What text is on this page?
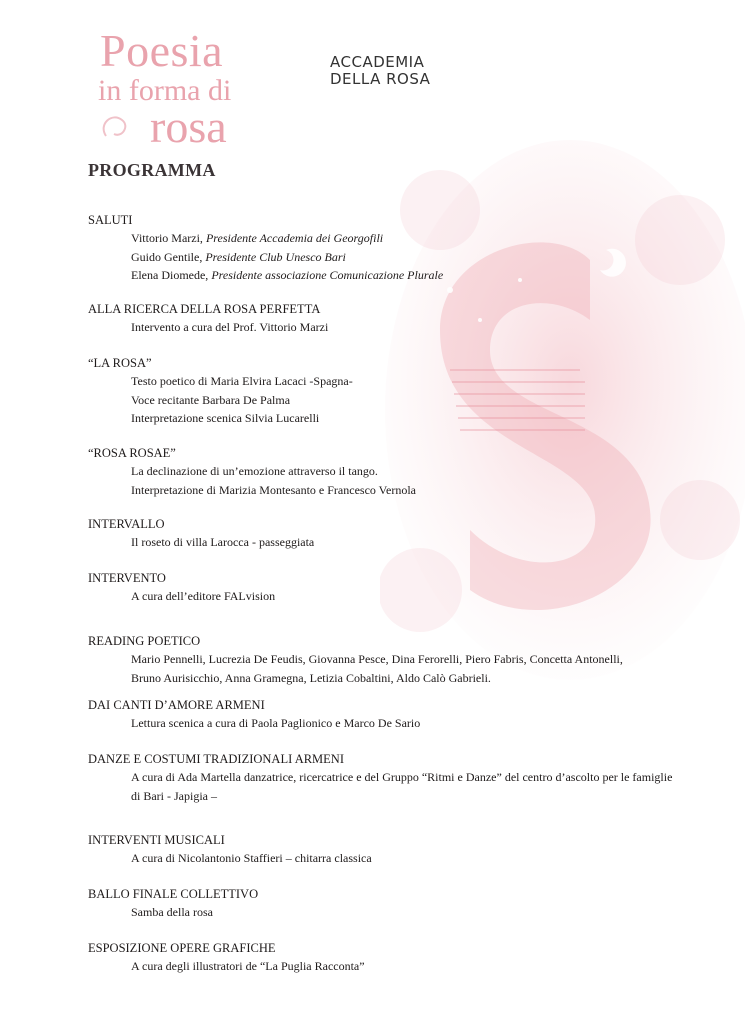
Poesia
in forma di
rosa
ACCADEMIA
DELLA ROSA
PROGRAMMA
SALUTI
Vittorio Marzi, Presidente Accademia dei Georgofili
Guido Gentile, Presidente Club Unesco Bari
Elena Diomede, Presidente associazione Comunicazione Plurale
ALLA RICERCA DELLA ROSA PERFETTA
Intervento a cura del Prof. Vittorio Marzi
“LA ROSA”
Testo poetico di Maria Elvira Lacaci -Spagna-
Voce recitante Barbara De Palma
Interpretazione scenica Silvia Lucarelli
“ROSA ROSAE”
La declinazione di un’emozione attraverso il tango.
Interpretazione di Marizia Montesanto e Francesco Vernola
INTERVALLO
Il roseto di villa Larocca - passeggiata
INTERVENTO
A cura dell’editore FALvision
READING POETICO
Mario Pennelli, Lucrezia De Feudis, Giovanna Pesce, Dina Ferorelli, Piero Fabris, Concetta Antonelli,
Bruno Aurisicchio, Anna Gramegna, Letizia Cobaltini, Aldo Calò Gabrieli.
DAI CANTI D’AMORE ARMENI
Lettura scenica a cura di Paola Paglionico e Marco De Sario
DANZE E COSTUMI TRADIZIONALI ARMENI
A cura di Ada Martella danzatrice, ricercatrice e del Gruppo “Ritmi e Danze” del centro d’ascolto per le famiglie
di Bari - Japigia –
INTERVENTI MUSICALI
A cura di Nicolantonio Staffieri – chitarra classica
BALLO FINALE COLLETTIVO
Samba della rosa
ESPOSIZIONE OPERE GRAFICHE
A cura degli illustratori de “La Puglia Racconta”
